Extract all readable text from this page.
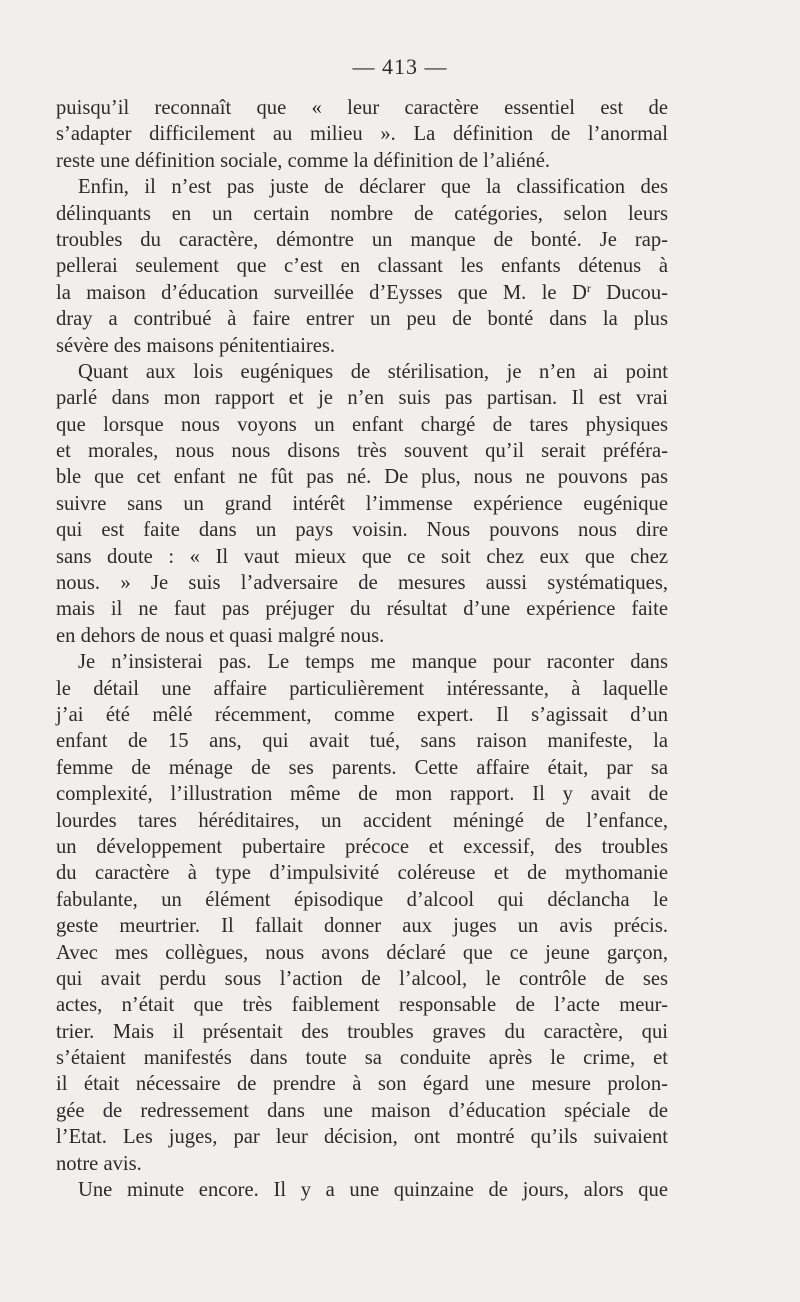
— 413 —
puisqu’il reconnaît que « leur caractère essentiel est de
s’adapter difficilement au milieu ». La définition de l’anormal
reste une définition sociale, comme la définition de l’aliéné.
Enfin, il n’est pas juste de déclarer que la classification des
délinquants en un certain nombre de catégories, selon leurs
troubles du caractère, démontre un manque de bonté. Je rap-
pellerai seulement que c’est en classant les enfants détenus à
la maison d’éducation surveillée d’Eysses que M. le $D^r$ Ducou-
dray a contribué à faire entrer un peu de bonté dans la plus
sévère des maisons pénitentiaires.
Quant aux lois eugéniques de stérilisation, je n’en ai point
parlé dans mon rapport et je n’en suis pas partisan. Il est vrai
que lorsque nous voyons un enfant chargé de tares physiques
et morales, nous nous disons très souvent qu’il serait préféra-
ble que cet enfant ne fût pas né. De plus, nous ne pouvons pas
suivre sans un grand intérêt l’immense expérience eugénique
qui est faite dans un pays voisin. Nous pouvons nous dire
sans doute : « Il vaut mieux que ce soit chez eux que chez
nous. » Je suis l’adversaire de mesures aussi systématiques,
mais il ne faut pas préjuger du résultat d’une expérience faite
en dehors de nous et quasi malgré nous.
Je n’insisterai pas. Le temps me manque pour raconter dans
le détail une affaire particulièrement intéressante, à laquelle
j’ai été mêlé récemment, comme expert. Il s’agissait d’un
enfant de 15 ans, qui avait tué, sans raison manifeste, la
femme de ménage de ses parents. Cette affaire était, par sa
complexité, l’illustration même de mon rapport. Il y avait de
lourdes tares héréditaires, un accident méningé de l’enfance,
un développement pubertaire précoce et excessif, des troubles
du caractère à type d’impulsivité coléreuse et de mythomanie
fabulante, un élément épisodique d’alcool qui déclancha le
geste meurtrier. Il fallait donner aux juges un avis précis.
Avec mes collègues, nous avons déclaré que ce jeune garçon,
qui avait perdu sous l’action de l’alcool, le contrôle de ses
actes, n’était que très faiblement responsable de l’acte meur-
trier. Mais il présentait des troubles graves du caractère, qui
s’étaient manifestés dans toute sa conduite après le crime, et
il était nécessaire de prendre à son égard une mesure prolon-
gée de redressement dans une maison d’éducation spéciale de
l’Etat. Les juges, par leur décision, ont montré qu’ils suivaient
notre avis.
Une minute encore. Il y a une quinzaine de jours, alors que
